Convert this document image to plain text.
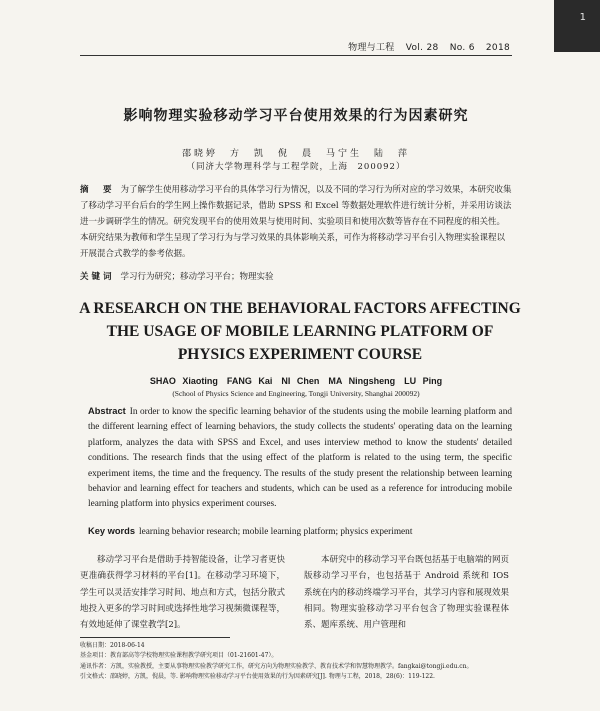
1
物理与工程 Vol. 28 No. 6 2018
影响物理实验移动学习平台使用效果的行为因素研究
邵晓婷　方　凯　倪　晨　马宁生　陆　萍
（同济大学物理科学与工程学院，上海　200092）
摘　要 为了解学生使用移动学习平台的具体学习行为情况，以及不同的学习行为所对应的学习效果，本研究收集了移动学习平台后台的学生网上操作数据记录，借助 SPSS 和 Excel 等数据处理软件进行统计分析，并采用访谈法进一步调研学生的情况。研究发现平台的使用效果与使用时间、实验项目和使用次数等皆存在不同程度的相关性。本研究结果为教师和学生呈现了学习行为与学习效果的具体影响关系，可作为将移动学习平台引入物理实验课程以开展混合式教学的参考依据。
关键词 学习行为研究；移动学习平台；物理实验
A RESEARCH ON THE BEHAVIORAL FACTORS AFFECTING
THE USAGE OF MOBILE LEARNING PLATFORM OF
PHYSICS EXPERIMENT COURSE
SHAO Xiaoting　FANG Kai　NI Chen　MA Ningsheng　LU Ping
(School of Physics Science and Engineering, Tongji University, Shanghai 200092)
Abstract In order to know the specific learning behavior of the students using the mobile learning platform and the different learning effect of learning behaviors, the study collects the students' operating data on the learning platform, analyzes the data with SPSS and Excel, and uses interview method to know the students' detailed conditions. The research finds that the using effect of the platform is related to the using term, the specific experiment items, the time and the frequency. The results of the study present the relationship between learning behavior and learning effect for teachers and students, which can be used as a reference for introducing mobile learning platform into physics experiment courses.
Key words learning behavior research; mobile learning platform; physics experiment
移动学习平台是借助手持智能设备，让学习者更快更准确获得学习材料的平台[1]。在移动学习环境下，学生可以灵活安排学习时间、地点和方式，包括分散式地投入更多的学习时间或选择性地学习视频微课程等，有效地延伸了课堂教学[2]。
本研究中的移动学习平台既包括基于电脑端的网页版移动学习平台，也包括基于 Android 系统和 IOS 系统在内的移动终端学习平台，其学习内容和展现效果相同。物理实验移动学习平台包含了物理实验课程体系、题库系统、用户管理和
收稿日期：2018-06-14
基金项目：教育部高等学校物理实验课程教学研究项目（01-21601-47）。
通讯作者：方凯，实验教授，主要从事物理实验教学研究工作，研究方向为物理实验教学、教育技术学和智慧物理教学。fangkai@tongji.edu.cn。
引文格式：邵晓婷，方凯，倪晨，等. 影响物理实验移动学习平台使用效果的行为因素研究[J]. 物理与工程，2018，28(6)：119-122.
